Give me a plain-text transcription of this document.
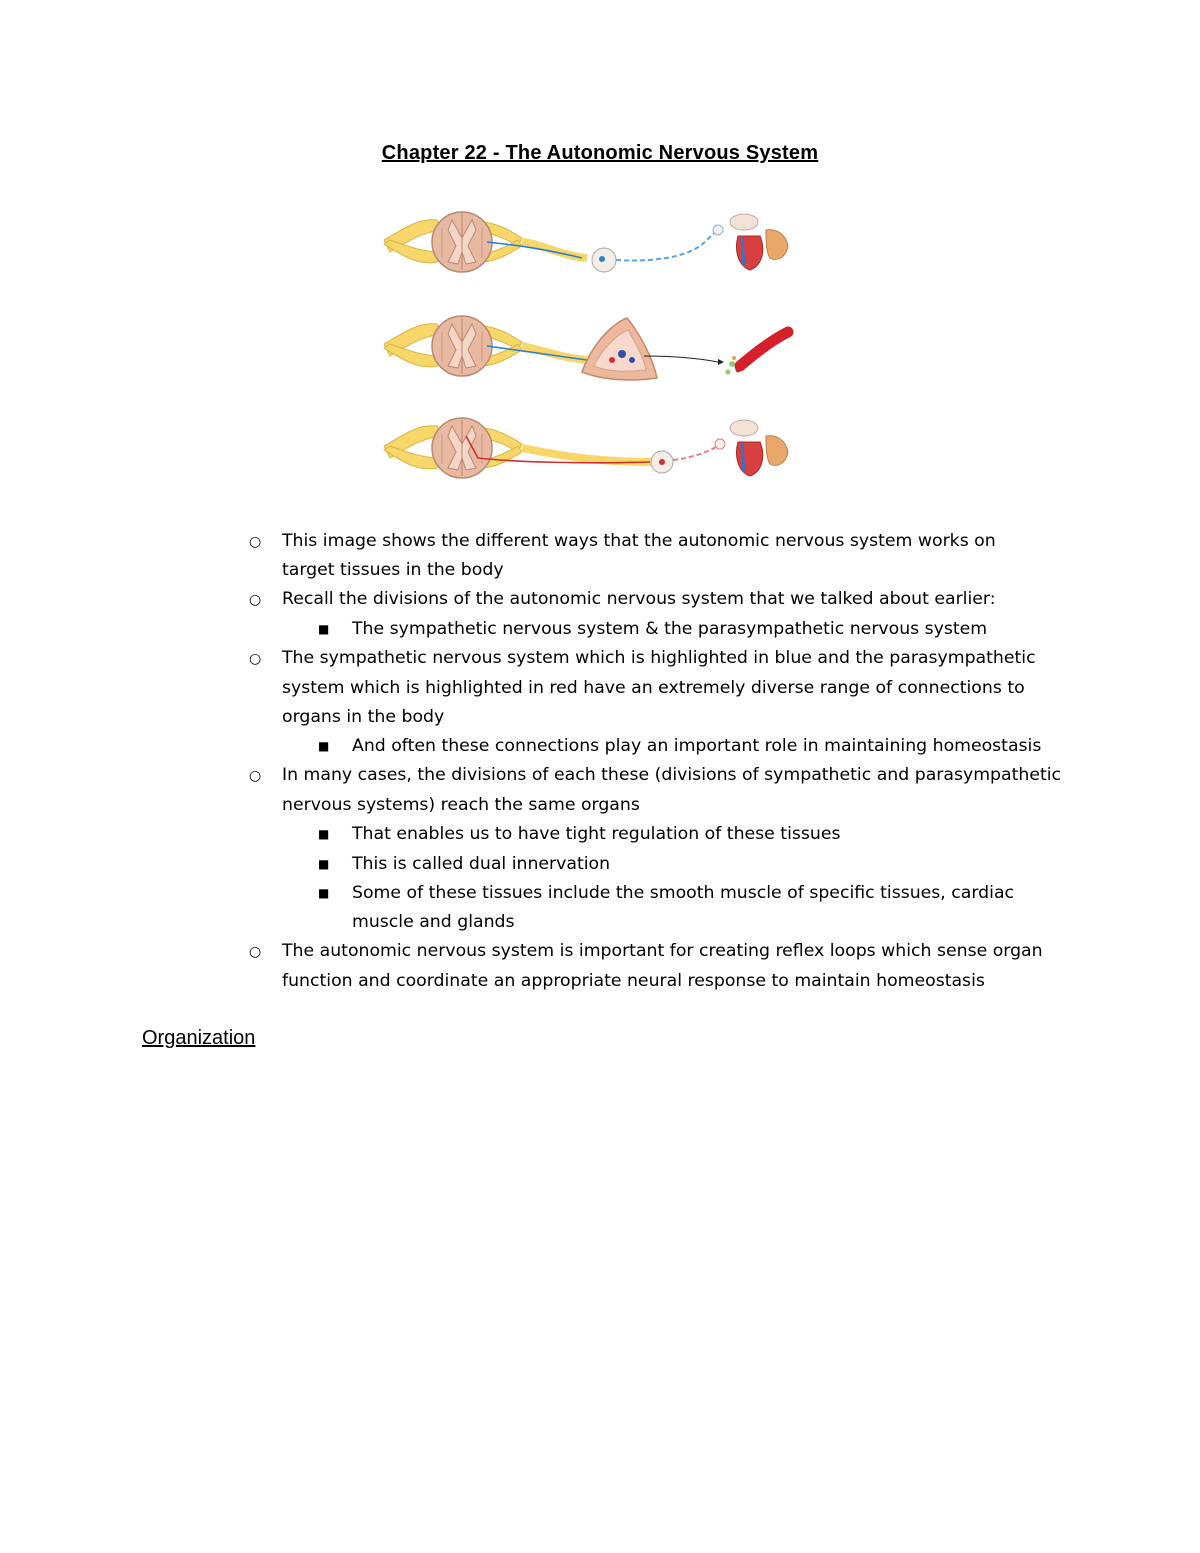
Chapter 22 - The Autonomic Nervous System
○ This image shows the different ways that the autonomic nervous system works on
target tissues in the body
○ Recall the divisions of the autonomic nervous system that we talked about earlier:
■ The sympathetic nervous system & the parasympathetic nervous system
○ The sympathetic nervous system which is highlighted in blue and the parasympathetic
system which is highlighted in red have an extremely diverse range of connections to
organs in the body
■ And often these connections play an important role in maintaining homeostasis
○ In many cases, the divisions of each these (divisions of sympathetic and parasympathetic
nervous systems) reach the same organs
■ That enables us to have tight regulation of these tissues
■ This is called dual innervation
■ Some of these tissues include the smooth muscle of specific tissues, cardiac
muscle and glands
○ The autonomic nervous system is important for creating reflex loops which sense organ
function and coordinate an appropriate neural response to maintain homeostasis
Organization
